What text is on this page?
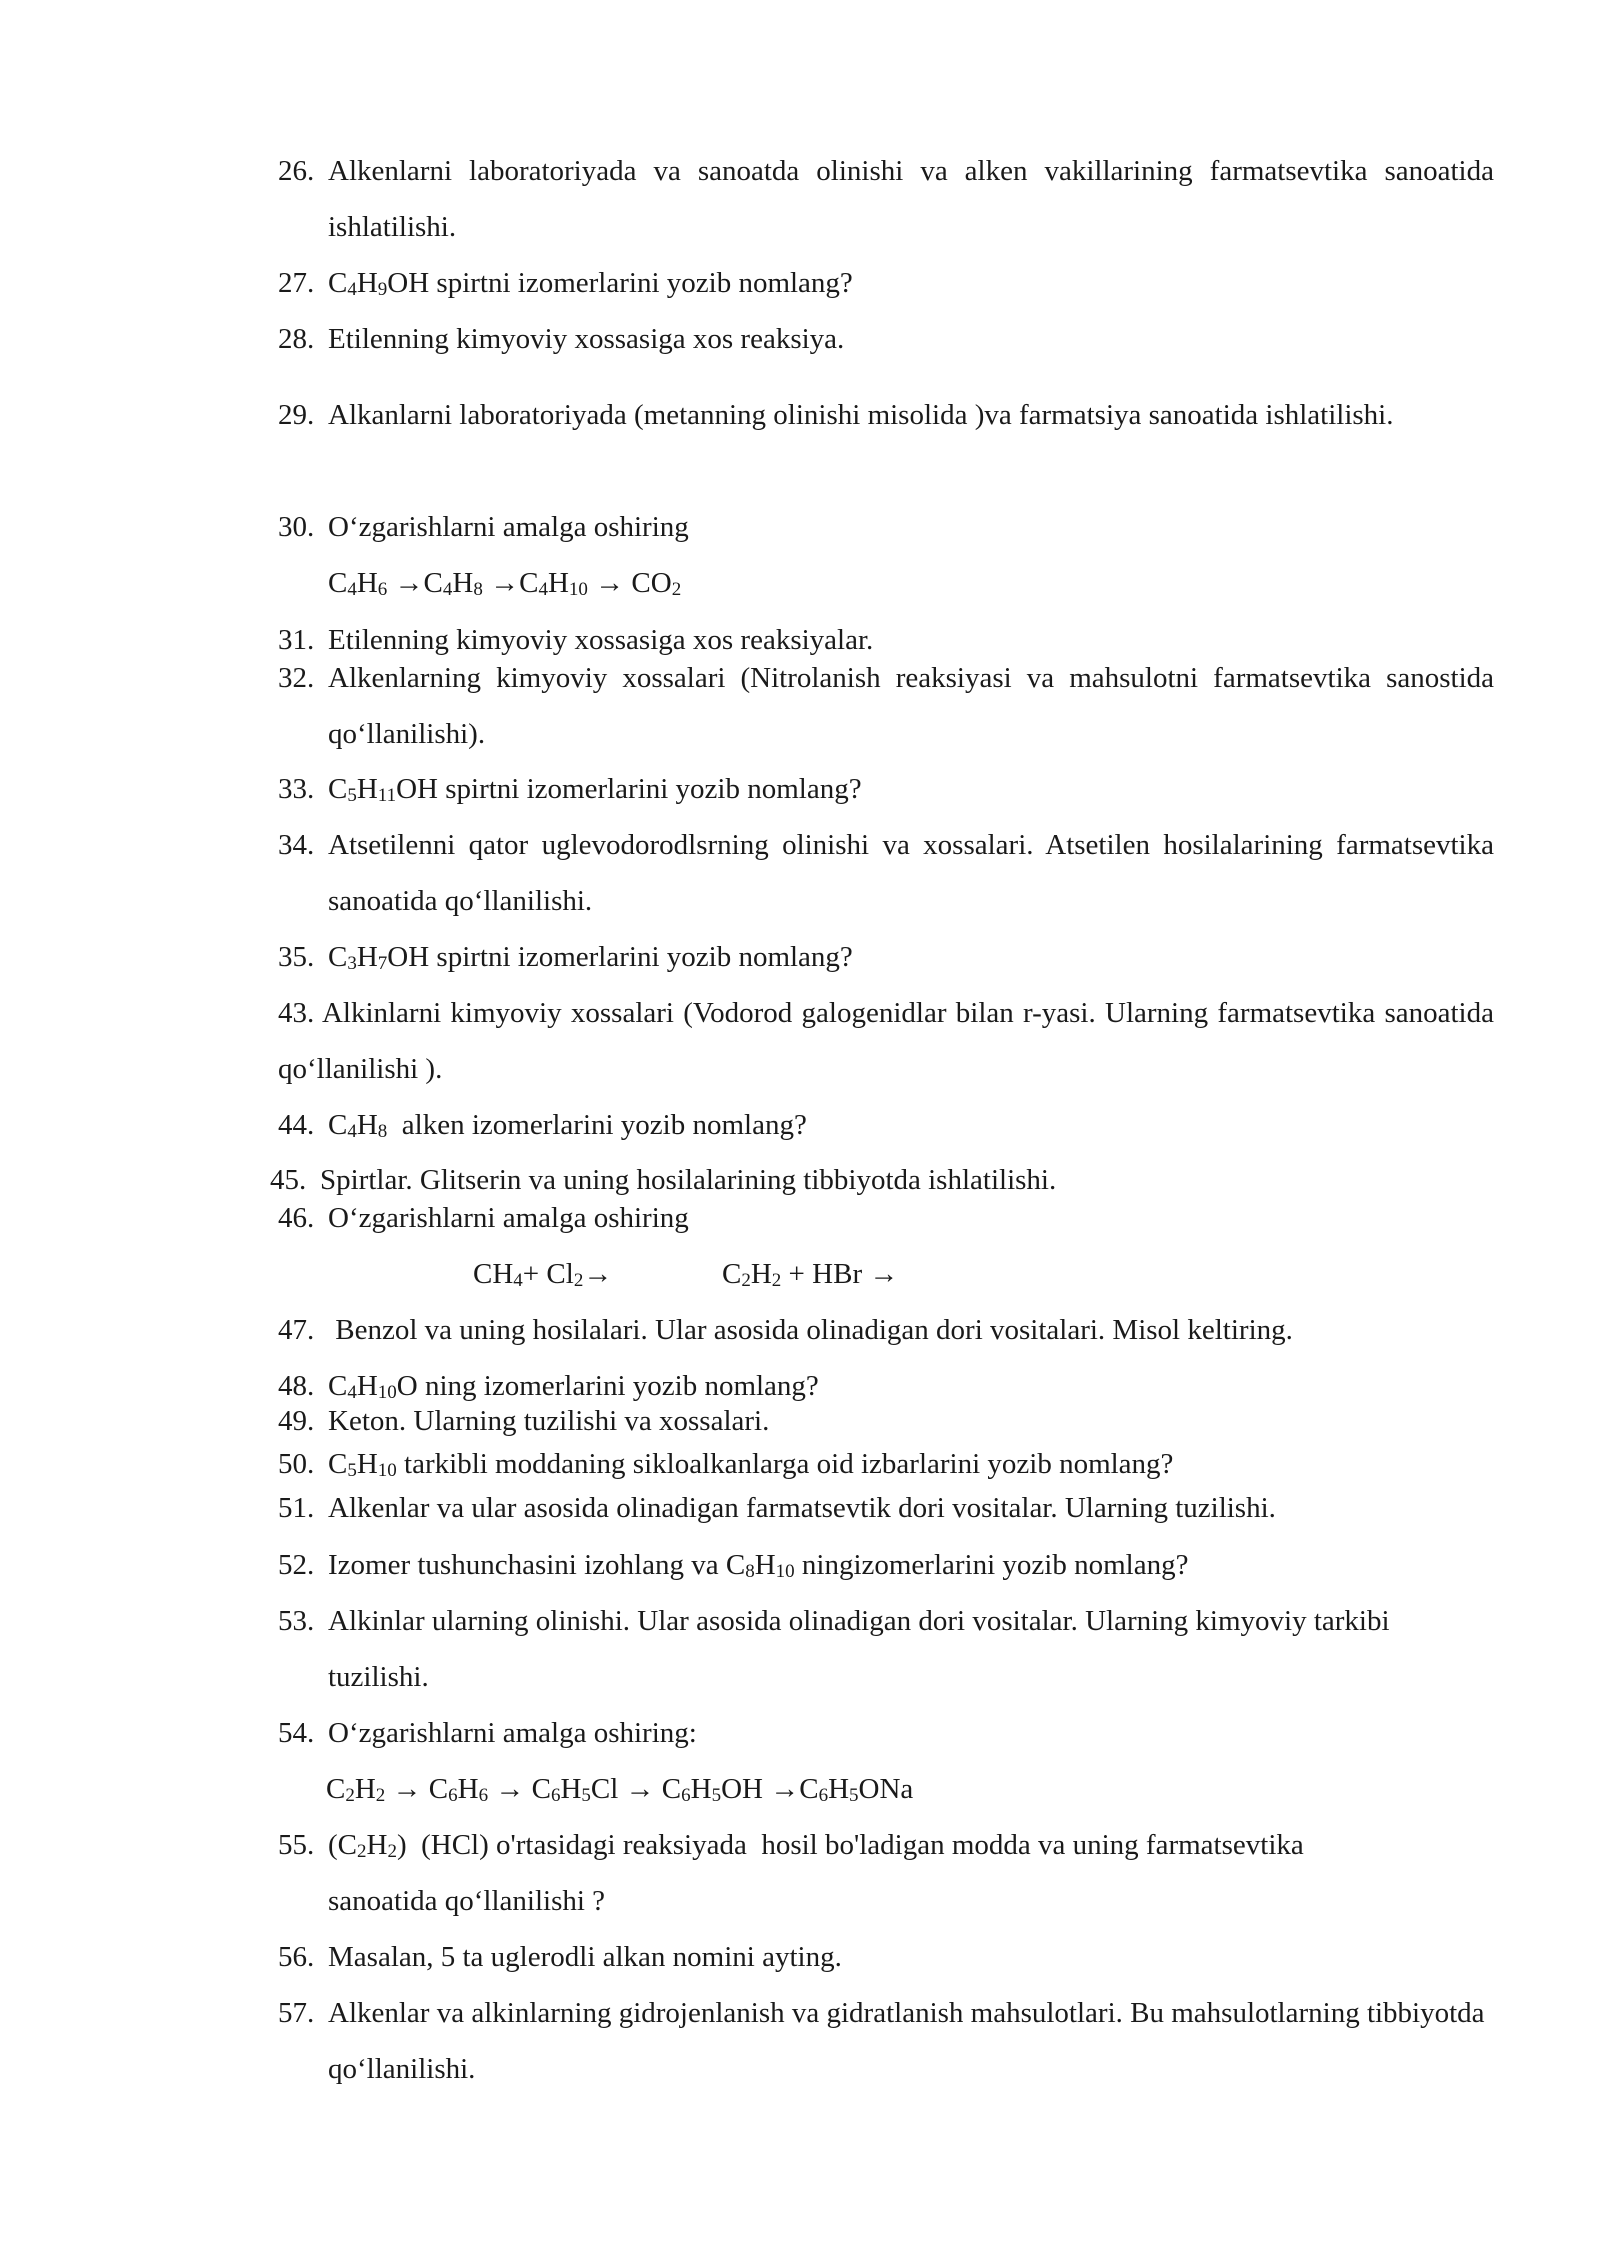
26. Alkenlarni laboratoriyada va sanoatda olinishi va alken vakillarining farmatsevtika sanoatida ishlatilishi.
27. $C_4H_9OH$ spirtni izomerlarini yozib nomlang?
28. Etilenning kimyoviy xossasiga xos reaksiya.
29. Alkanlarni laboratoriyada (metanning olinishi misolida )va farmatsiya sanoatida ishlatilishi.
30. O‘zgarishlarni amalga oshiring
$C_4H_6 \to C_4H_8 \to C_4H_{10} \to CO_2$
31. Etilenning kimyoviy xossasiga xos reaksiyalar.
32. Alkenlarning kimyoviy xossalari (Nitrolanish reaksiyasi va mahsulotni farmatsevtika sanostida qo‘llanilishi).
33. $C_5H_{11}OH$ spirtni izomerlarini yozib nomlang?
34. Atsetilenni qator uglevodorodlsrning olinishi va xossalari. Atsetilen hosilalarining farmatsevtika sanoatida qo‘llanilishi.
35. $C_3H_7OH$ spirtni izomerlarini yozib nomlang?
43. Alkinlarni kimyoviy xossalari (Vodorod galogenidlar bilan r-yasi. Ularning farmatsevtika sanoatida qo‘llanilishi ).
44. $C_4H_8$  alken izomerlarini yozib nomlang?
45. Spirtlar. Glitserin va uning hosilalarining tibbiyotda ishlatilishi.
46. O‘zgarishlarni amalga oshiring
$CH_4+ Cl_2\to$	$C_2H_2$ + HBr →
47. Benzol va uning hosilalari. Ular asosida olinadigan dori vositalari. Misol keltiring.
48. $C_4H_{10}O$ ning izomerlarini yozib nomlang?
49. Keton. Ularning tuzilishi va xossalari.
50. $C_5H_{10}$ tarkibli moddaning sikloalkanlarga oid izbarlarini yozib nomlang?
51. Alkenlar va ular asosida olinadigan farmatsevtik dori vositalar. Ularning tuzilishi.
52. Izomer tushunchasini izohlang va $C_8H_{10}$ ningizomerlarini yozib nomlang?
53. Alkinlar ularning olinishi. Ular asosida olinadigan dori vositalar. Ularning kimyoviy tarkibi tuzilishi.
54. O‘zgarishlarni amalga oshiring:
$C_2H_2 \to C_6H_6 \to C_6H_5Cl \to C_6H_5OH \to C_6H_5ONa$
55. $(C_2H_2)$  (HCl) o'rtasidagi reaksiyada  hosil bo'ladigan modda va uning farmatsevtika sanoatida qo‘llanilishi ?
56. Masalan, 5 ta uglerodli alkan nomini ayting.
57. Alkenlar va alkinlarning gidrojenlanish va gidratlanish mahsulotlari. Bu mahsulotlarning tibbiyotda qo‘llanilishi.
